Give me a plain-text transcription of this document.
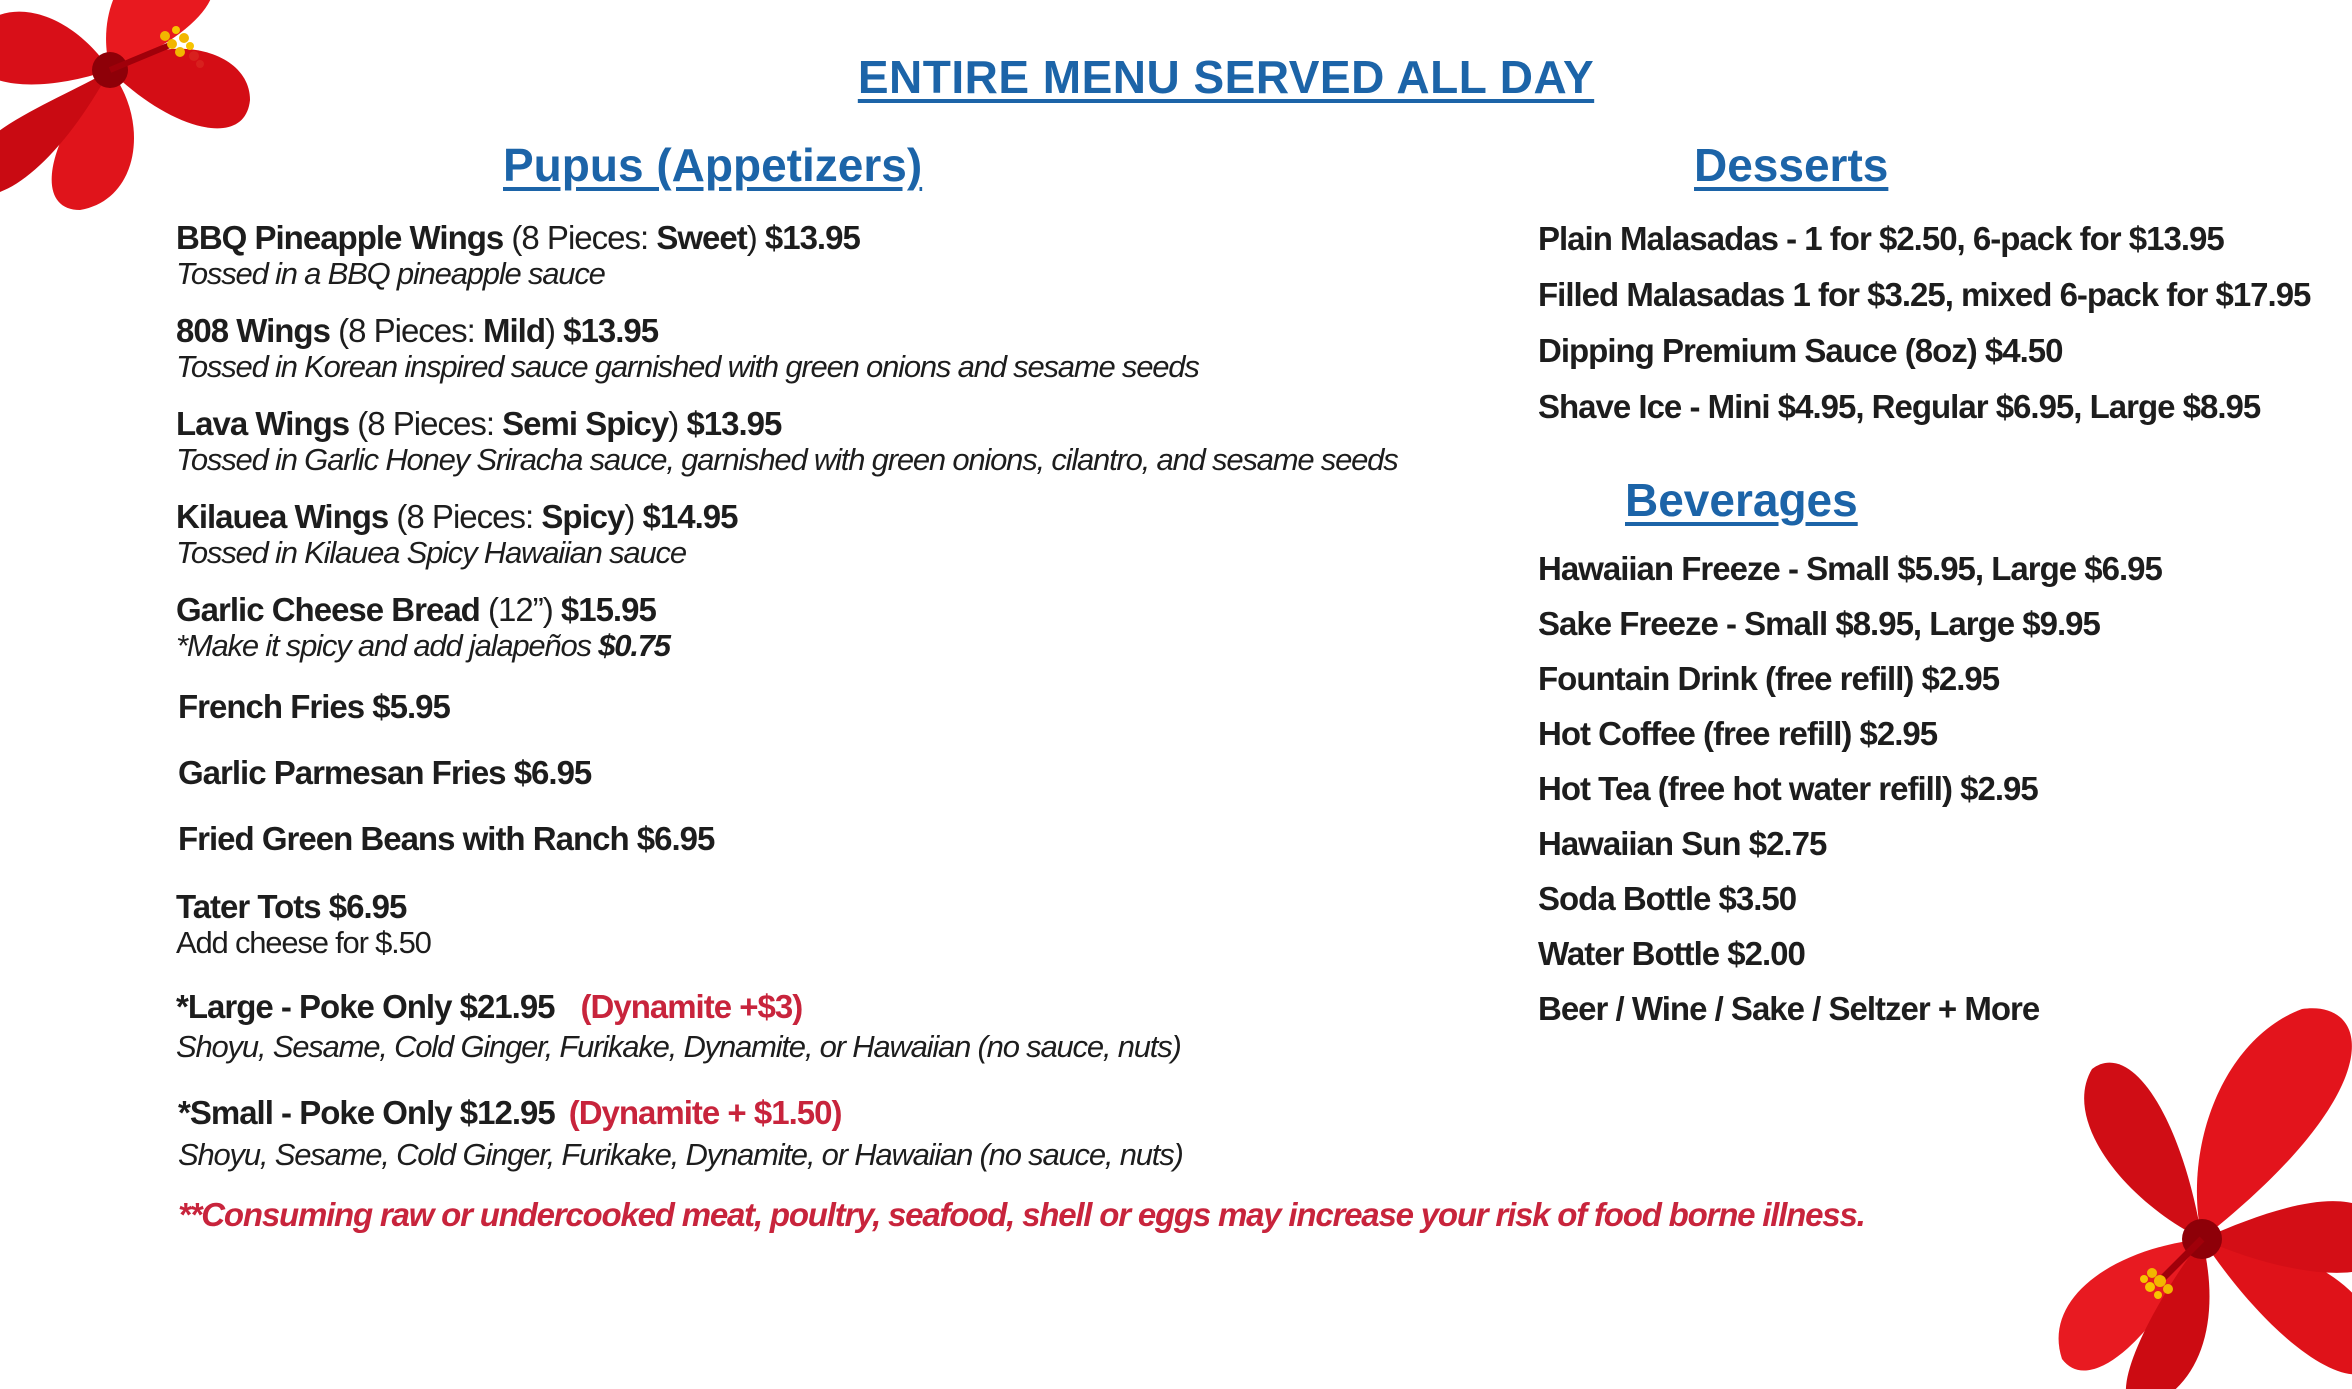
ENTIRE MENU SERVED ALL DAY
Pupus (Appetizers)	Desserts
Beverages
BBQ Pineapple Wings (8 Pieces: Sweet) $13.95
Tossed in a BBQ pineapple sauce
808 Wings (8 Pieces: Mild) $13.95
Tossed in Korean inspired sauce garnished with green onions and sesame seeds
Lava Wings (8 Pieces: Semi Spicy) $13.95
Tossed in Garlic Honey Sriracha sauce, garnished with green onions, cilantro, and sesame seeds
Kilauea Wings (8 Pieces: Spicy) $14.95
Tossed in Kilauea Spicy Hawaiian sauce
Garlic Cheese Bread (12”) $15.95
*Make it spicy and add jalapeños $0.75
French Fries $5.95
Garlic Parmesan Fries $6.95
Fried Green Beans with Ranch $6.95
Tater Tots $6.95
Add cheese for $.50
*Large - Poke Only $21.95 (Dynamite +$3)
Shoyu, Sesame, Cold Ginger, Furikake, Dynamite, or Hawaiian (no sauce, nuts)
*Small - Poke Only $12.95 (Dynamite + $1.50)
Shoyu, Sesame, Cold Ginger, Furikake, Dynamite, or Hawaiian (no sauce, nuts)
**Consuming raw or undercooked meat, poultry, seafood, shell or eggs may increase your risk of food borne illness.
Plain Malasadas - 1 for $2.50, 6-pack for $13.95
Filled Malasadas 1 for $3.25, mixed 6-pack for $17.95
Dipping Premium Sauce (8oz) $4.50
Shave Ice - Mini $4.95, Regular $6.95, Large $8.95
Hawaiian Freeze - Small $5.95, Large $6.95
Sake Freeze - Small $8.95, Large $9.95
Fountain Drink (free refill) $2.95
Hot Coffee (free refill) $2.95
Hot Tea (free hot water refill) $2.95
Hawaiian Sun $2.75
Soda Bottle $3.50
Water Bottle $2.00
Beer / Wine / Sake / Seltzer + More
